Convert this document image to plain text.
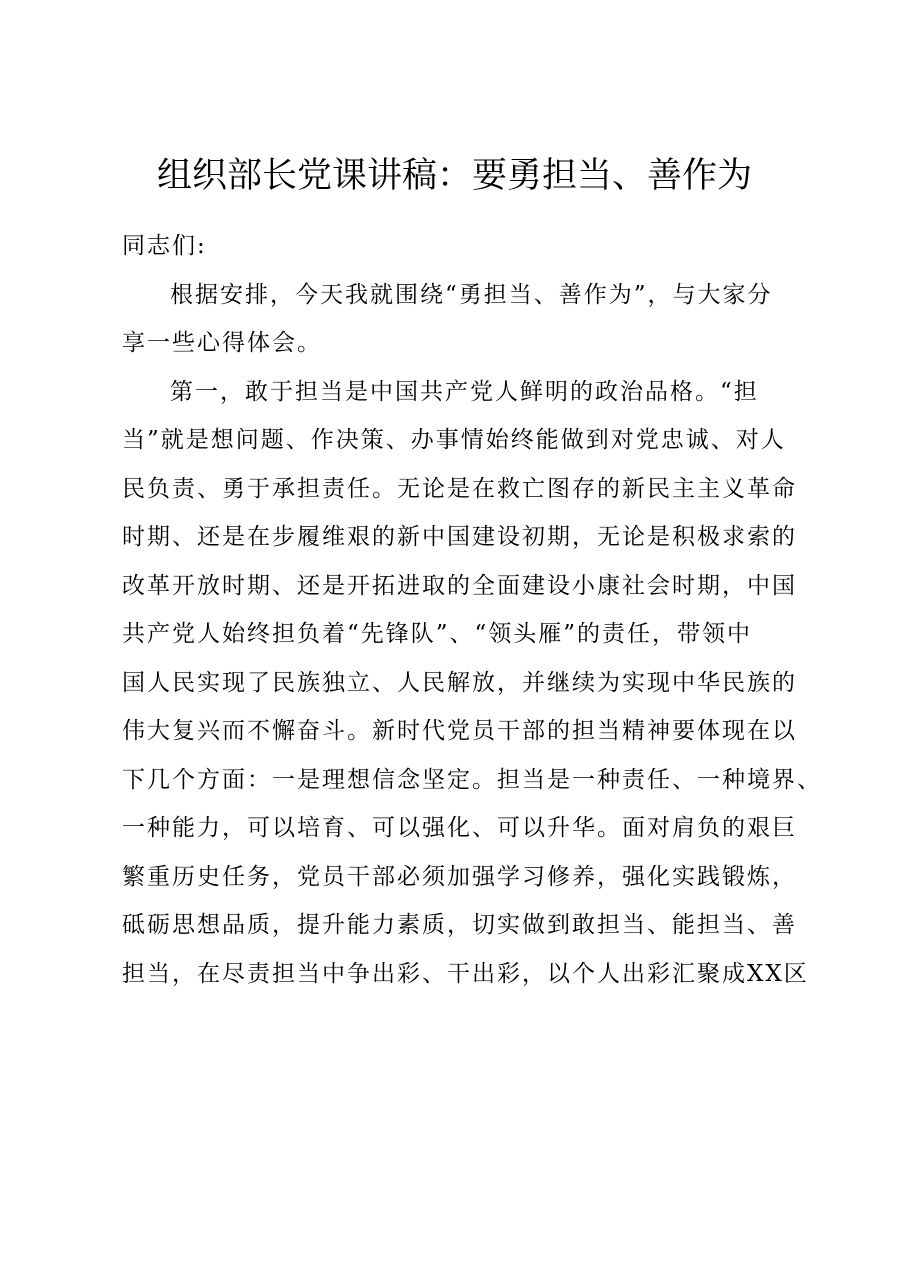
组织部长党课讲稿：要勇担当、善作为
同志们:
根据安排，今天我就围绕“勇担当、善作为”，与大家分
享一些心得体会。
第一，敢于担当是中国共产党人鲜明的政治品格。“担
当”就是想问题、作决策、办事情始终能做到对党忠诚、对人
民负责、勇于承担责任。无论是在救亡图存的新民主主义革命
时期、还是在步履维艰的新中国建设初期，无论是积极求索的
改革开放时期、还是开拓进取的全面建设小康社会时期，中国
共产党人始终担负着“先锋队”、“领头雁”的责任，带领中
国人民实现了民族独立、人民解放，并继续为实现中华民族的
伟大复兴而不懈奋斗。新时代党员干部的担当精神要体现在以
下几个方面：一是理想信念坚定。担当是一种责任、一种境界、
一种能力，可以培育、可以强化、可以升华。面对肩负的艰巨
繁重历史任务，党员干部必须加强学习修养，强化实践锻炼，
砥砺思想品质，提升能力素质，切实做到敢担当、能担当、善
担当，在尽责担当中争出彩、干出彩，以个人出彩汇聚成XX区
